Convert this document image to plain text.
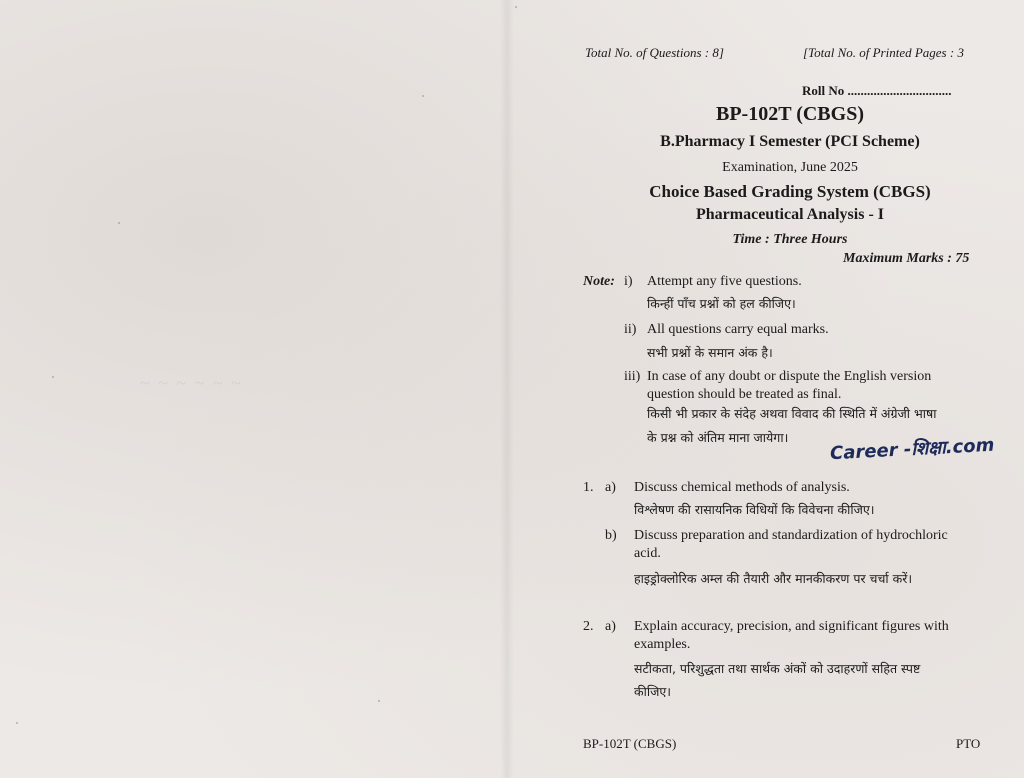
~ ~ ~ ~ ~ ~
Total No. of Questions : 8]	[Total No. of Printed Pages : 3
Roll No ................................
BP-102T (CBGS)
B.Pharmacy I Semester (PCI Scheme)
Examination, June 2025
Choice Based Grading System (CBGS)
Pharmaceutical Analysis - I
Time : Three Hours
Maximum Marks : 75
Note: i) Attempt any five questions.
किन्हीं पाँच प्रश्नों को हल कीजिए।
ii) All questions carry equal marks.
सभी प्रश्नों के समान अंक है।
iii) In case of any doubt or dispute the English version
question should be treated as final.
किसी भी प्रकार के संदेह अथवा विवाद की स्थिति में अंग्रेजी भाषा
के प्रश्न को अंतिम माना जायेगा। Career -शिक्षा.com
1. a) Discuss chemical methods of analysis.
विश्लेषण की रासायनिक विधियों कि विवेचना कीजिए।
b) Discuss preparation and standardization of hydrochloric
acid.
हाइड्रोक्लोरिक अम्ल की तैयारी और मानकीकरण पर चर्चा करें।
2. a) Explain accuracy, precision, and significant figures with
examples.
सटीकता, परिशुद्धता तथा सार्थक अंकों को उदाहरणों सहित स्पष्ट
कीजिए।
BP-102T (CBGS)	PTO
